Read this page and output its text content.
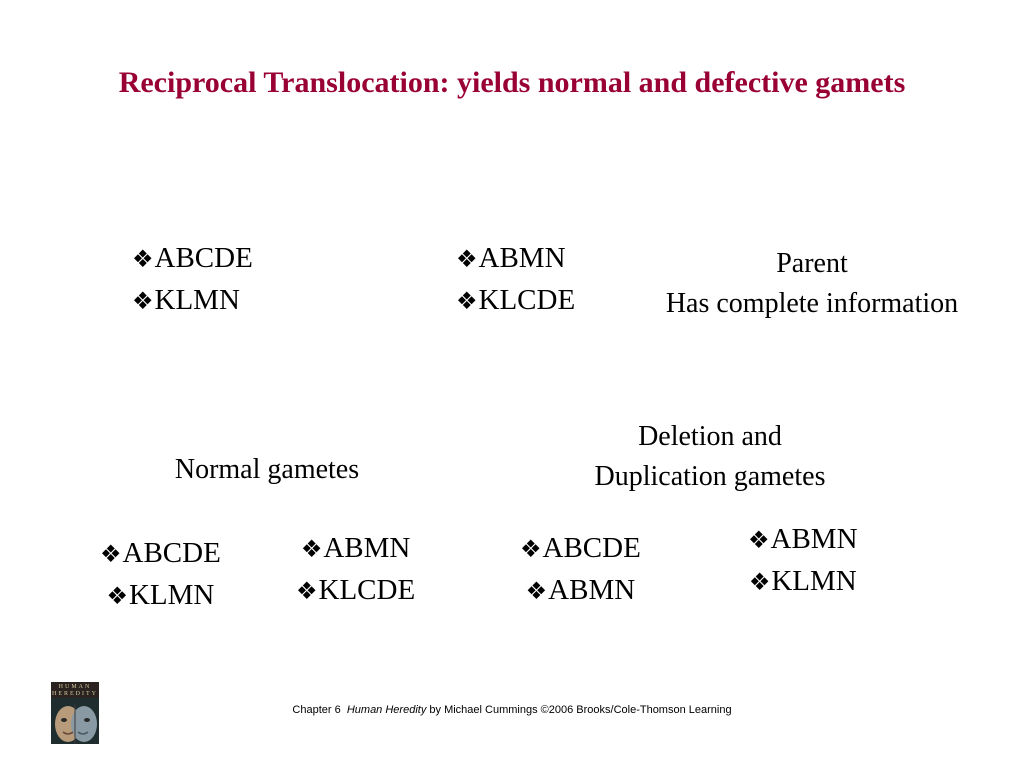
Reciprocal Translocation: yields normal and defective gamets
❖ABCDE
❖KLMN
❖ABMN
❖KLCDE
Parent
Has complete information
Normal gametes
Deletion and
Duplication gametes
❖ABCDE
❖KLMN
❖ABMN
❖KLCDE
❖ABCDE
❖ABMN
❖ABMN
❖KLMN
HUMAN HEREDITY
Chapter 6 Human Heredity by Michael Cummings ©2006 Brooks/Cole-Thomson Learning
